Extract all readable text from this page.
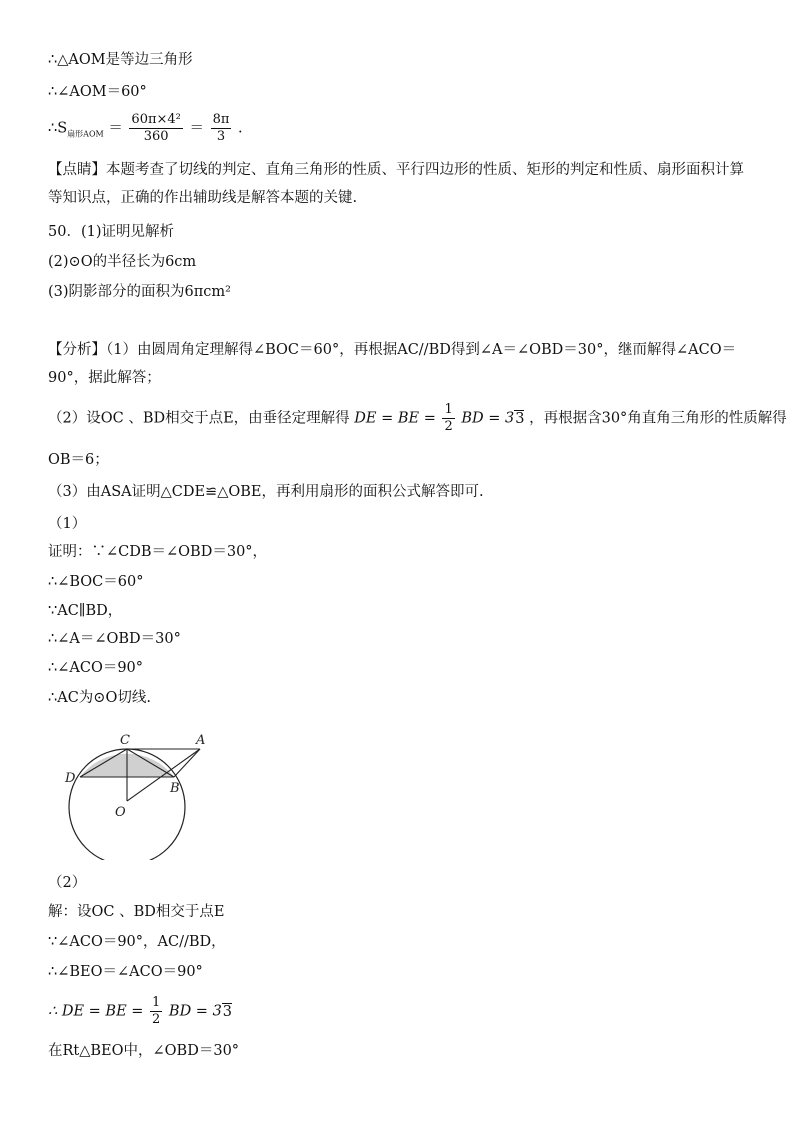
∴△AOM是等边三角形
∴∠AOM＝60°
$\therefore S_{扇形AOM} = \frac{\text{60π×4²}}{360} = \frac{8\pi}{3}$ .
【点睛】本题考查了切线的判定、直角三角形的性质、平行四边形的性质、矩形的判定和性质、扇形面积计算等知识点，正确的作出辅助线是解答本题的关键.
50．(1)证明见解析
(2)⊙O的半径长为6cm
(3)阴影部分的面积为6πcm²
【分析】（1）由圆周角定理解得∠BOC＝60°，再根据AC//BD得到∠A＝∠OBD＝30°，继而解得∠ACO＝90°，据此解答；
（2）设OC 、BD相交于点E，由垂径定理解得 DE = BE = $\frac{1}{2}$ BD = 33 ，再根据含30°角直角三角形的性质解得
OB＝6；
（3）由ASA证明△CDE≌△OBE，再利用扇形的面积公式解答即可.
（1）
证明：∵∠CDB＝∠OBD＝30°，
∴∠BOC＝60°
∵AC∥BD，
∴∠A＝∠OBD＝30°
∴∠ACO＝90°
∴AC为⊙O切线.
C	A
D
B
O
（2）
解：设OC 、BD相交于点E
∵∠ACO＝90°，AC//BD，
∴∠BEO＝∠ACO＝90°
∴ DE = BE = $\frac{1}{2}$ BD = 33
在Rt△BEO中，∠OBD＝30°
